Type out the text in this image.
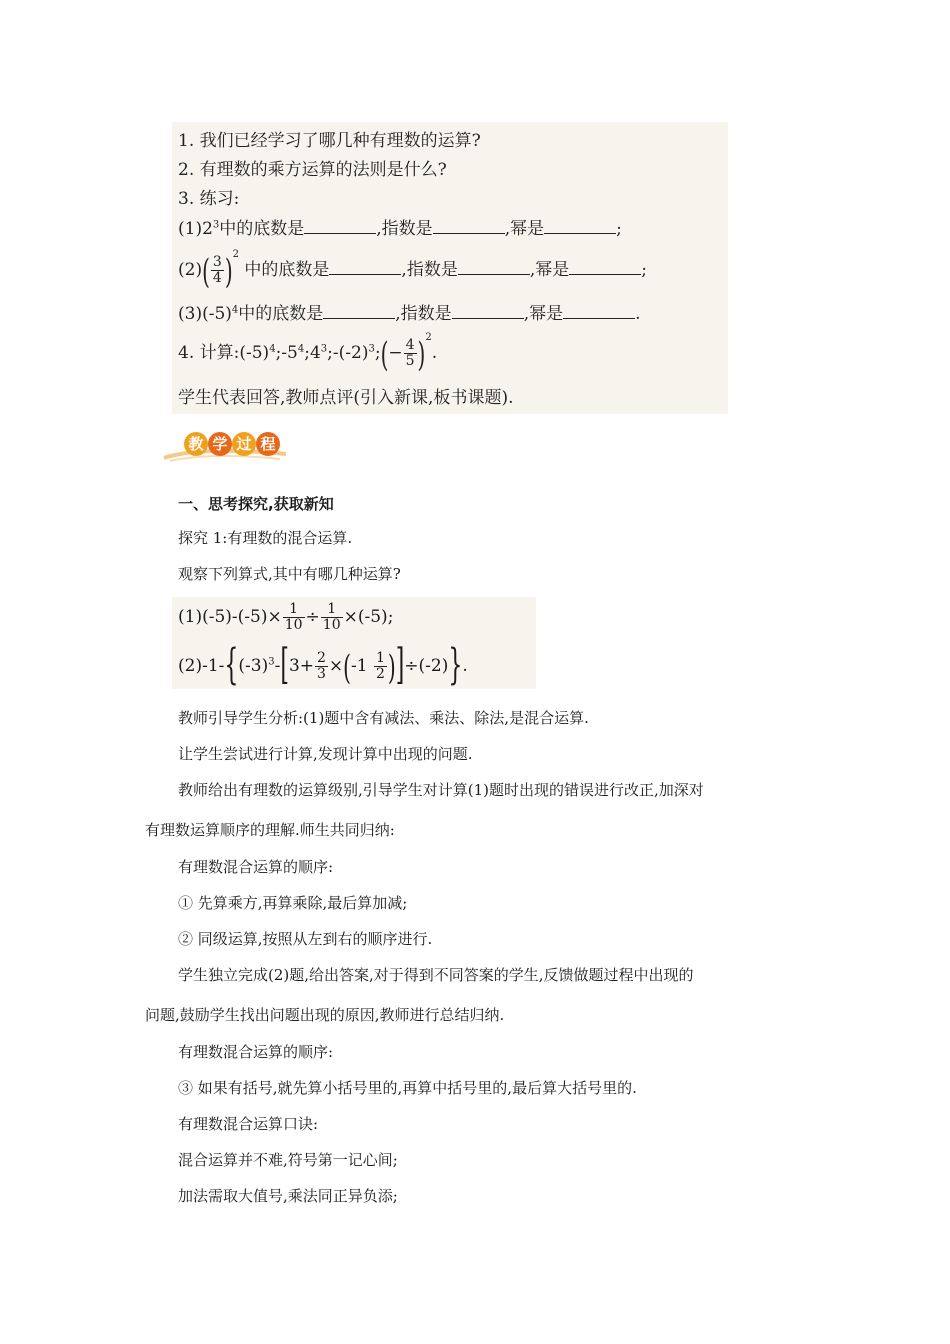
1. 我们已经学习了哪几种有理数的运算?
2. 有理数的乘方运算的法则是什么?
3. 练习:
$(1)2^3$中的底数是	,指数是	,幂是	;
$(2)( \frac{3}{4} )^2$ 中的底数是	,指数是	,幂是	;
$(3)(-5)^4$中的底数是	,指数是	,幂是	.
4. 计算$:(-5)^4;-5^4;4^3;-(-2)^3;(- \frac{4}{5} )^2$.
学生代表回答,教师点评(引入新课,板书课题).
教 学 过 程
一、思考探究,获取新知
探究 1:有理数的混合运算.
观察下列算式,其中有哪几种运算?
$(1)(-5)-(-5)\times \frac{1}{10} \div \frac{1}{10} \times(-5)$;
$(2)-1-\{(-3)^3-[3+ \frac{2}{3} \times(-1 \frac{1}{2} )]\div(-2)\}$.
教师引导学生分析:(1)题中含有减法、乘法、除法,是混合运算.
让学生尝试进行计算,发现计算中出现的问题.
教师给出有理数的运算级别,引导学生对计算(1)题时出现的错误进行改正,加深对
有理数运算顺序的理解.师生共同归纳:
有理数混合运算的顺序:
① 先算乘方,再算乘除,最后算加减;
② 同级运算,按照从左到右的顺序进行.
学生独立完成(2)题,给出答案,对于得到不同答案的学生,反馈做题过程中出现的
问题,鼓励学生找出问题出现的原因,教师进行总结归纳.
有理数混合运算的顺序:
③ 如果有括号,就先算小括号里的,再算中括号里的,最后算大括号里的.
有理数混合运算口诀:
混合运算并不难,符号第一记心间;
加法需取大值号,乘法同正异负添;
